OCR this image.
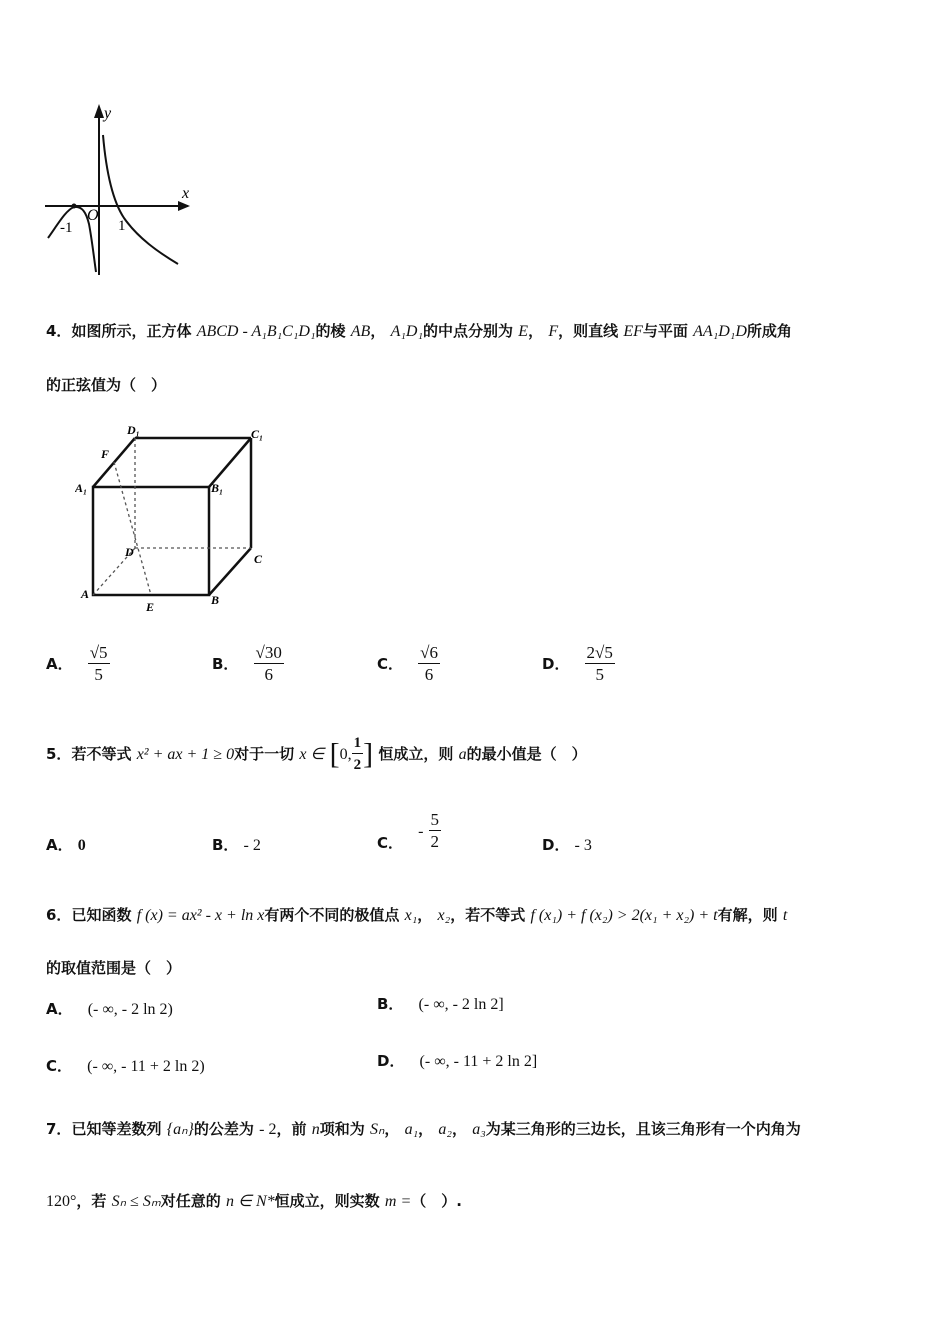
y
x
O
-1	1
4．如图所示，正方体 ABCD - A₁B₁C₁D₁的棱 AB， A₁D₁的中点分别为 E， F，则直线 EF与平面 AA₁D₁D所成角
的正弦值为（　）
D₁	C₁
F
A₁	B₁
D	C
A
E	B
A． $\frac{√5}{5}$	B． $\frac{√30}{6}$	C． $\frac{√6}{6}$	D． $\frac{2√5}{5}$
5．若不等式 x² + ax + 1 ≥ 0对于一切 x ∈ [0, $\frac{1}{2}$ ] 恒成立，则 a的最小值是（　）
A． 0	B． - 2	C． - $\frac{5}{2}$	D． - 3
6．已知函数 f (x) = ax² - x + ln x有两个不同的极值点 x₁， x₂，若不等式 f (x₁) + f (x₂) > 2(x₁ + x₂) + t有解，则 t
的取值范围是（　）
A． (- ∞, - 2 ln 2)	B． (- ∞, - 2 ln 2]
C． (- ∞, - 11 + 2 ln 2)	D． (- ∞, - 11 + 2 ln 2]
7．已知等差数列 {aₙ}的公差为 - 2，前 n项和为 Sₙ， a₁， a₂， a₃为某三角形的三边长，且该三角形有一个内角为
120°，若 Sₙ ≤ Sₘ对任意的 n ∈ N*恒成立，则实数 m =（　）.
